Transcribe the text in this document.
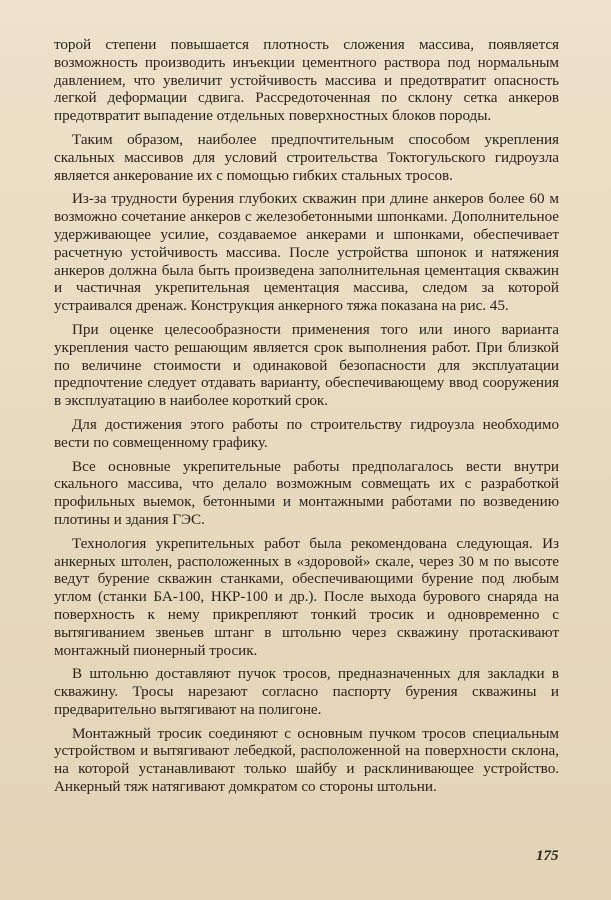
торой степени повышается плотность сложения массива, появляется возможность производить инъекции цементного раствора под нормальным давлением, что увеличит устойчивость массива и предотвратит опасность легкой деформации сдвига. Рассредоточенная по склону сетка анкеров предотвратит выпадение отдельных поверхностных блоков породы.

Таким образом, наиболее предпочтительным способом укрепления скальных массивов для условий строительства Токтогульского гидроузла является анкерование их с помощью гибких стальных тросов.

Из-за трудности бурения глубоких скважин при длине анкеров более 60 м возможно сочетание анкеров с железобетонными шпонками. Дополнительное удерживающее усилие, создаваемое анкерами и шпонками, обеспечивает расчетную устойчивость массива. После устройства шпонок и натяжения анкеров должна была быть произведена заполнительная цементация скважин и частичная укрепительная цементация массива, следом за которой устраивался дренаж. Конструкция анкерного тяжа показана на рис. 45.

При оценке целесообразности применения того или иного варианта укрепления часто решающим является срок выполнения работ. При близкой по величине стоимости и одинаковой безопасности для эксплуатации предпочтение следует отдавать варианту, обеспечивающему ввод сооружения в эксплуатацию в наиболее короткий срок.

Для достижения этого работы по строительству гидроузла необходимо вести по совмещенному графику.

Все основные укрепительные работы предполагалось вести внутри скального массива, что делало возможным совмещать их с разработкой профильных выемок, бетонными и монтажными работами по возведению плотины и здания ГЭС.

Технология укрепительных работ была рекомендована следующая. Из анкерных штолен, расположенных в «здоровой» скале, через 30 м по высоте ведут бурение скважин станками, обеспечивающими бурение под любым углом (станки БА-100, НКР-100 и др.). После выхода бурового снаряда на поверхность к нему прикрепляют тонкий тросик и одновременно с вытягиванием звеньев штанг в штольню через скважину протаскивают монтажный пионерный тросик.

В штольню доставляют пучок тросов, предназначенных для закладки в скважину. Тросы нарезают согласно паспорту бурения скважины и предварительно вытягивают на полигоне.

Монтажный тросик соединяют с основным пучком тросов специальным устройством и вытягивают лебедкой, расположенной на поверхности склона, на которой устанавливают только шайбу и расклинивающее устройство. Анкерный тяж натягивают домкратом со стороны штольни.

175
